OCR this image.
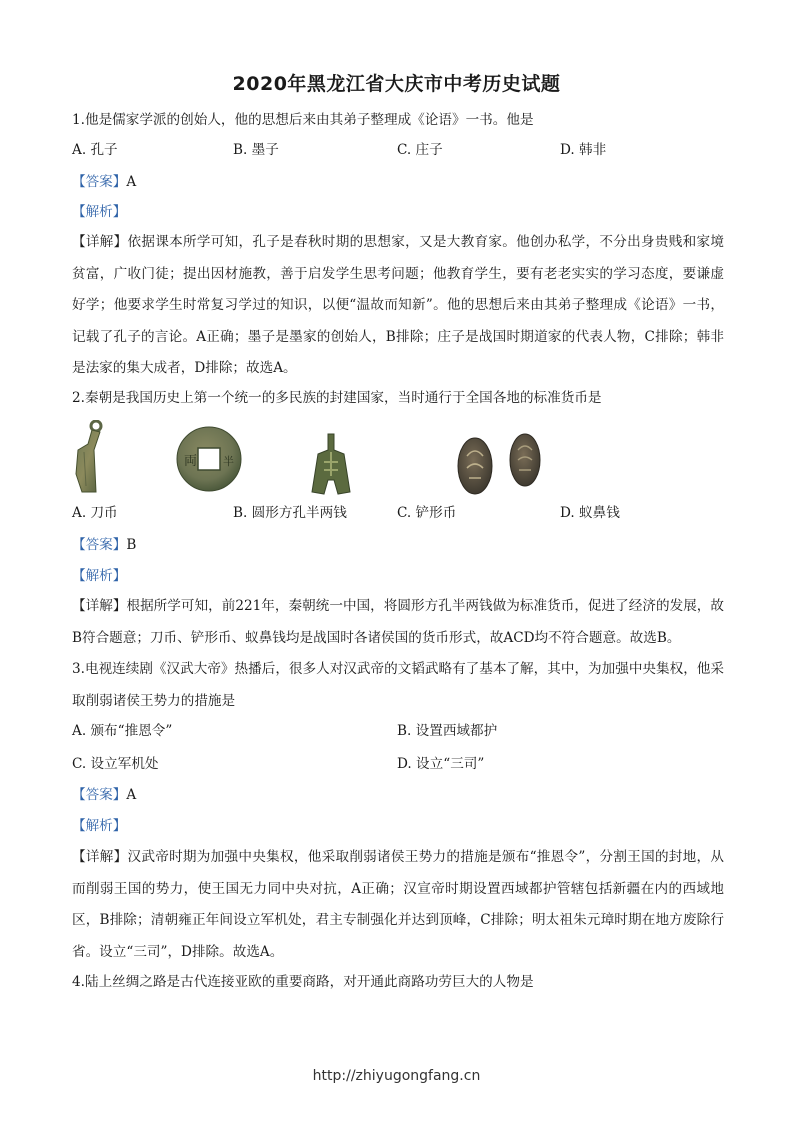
2020年黑龙江省大庆市中考历史试题
1.他是儒家学派的创始人，他的思想后来由其弟子整理成《论语》一书。他是
A. 孔子	B. 墨子	C. 庄子	D. 韩非
【答案】A
【解析】
【详解】依据课本所学可知，孔子是春秋时期的思想家，又是大教育家。他创办私学，不分出身贵贱和家境贫富，广收门徒；提出因材施教，善于启发学生思考问题；他教育学生，要有老老实实的学习态度，要谦虚好学；他要求学生时常复习学过的知识，以便“温故而知新”。他的思想后来由其弟子整理成《论语》一书，记载了孔子的言论。A正确；墨子是墨家的创始人，B排除；庄子是战国时期道家的代表人物，C排除；韩非是法家的集大成者，D排除；故选A。
2.秦朝是我国历史上第一个统一的多民族的封建国家，当时通行于全国各地的标准货币是
両 半
A. 刀币	B. 圆形方孔半两钱	C. 铲形币	D. 蚁鼻钱
【答案】B
【解析】
【详解】根据所学可知，前221年，秦朝统一中国，将圆形方孔半两钱做为标准货币，促进了经济的发展，故B符合题意；刀币、铲形币、蚁鼻钱均是战国时各诸侯国的货币形式，故ACD均不符合题意。故选B。
3.电视连续剧《汉武大帝》热播后，很多人对汉武帝的文韬武略有了基本了解，其中，为加强中央集权，他采取削弱诸侯王势力的措施是
A. 颁布“推恩令”	B. 设置西域都护
C. 设立军机处	D. 设立“三司”
【答案】A
【解析】
【详解】汉武帝时期为加强中央集权，他采取削弱诸侯王势力的措施是颁布“推恩令”，分割王国的封地，从而削弱王国的势力，使王国无力同中央对抗，A正确；汉宣帝时期设置西域都护管辖包括新疆在内的西域地区，B排除；清朝雍正年间设立军机处，君主专制强化并达到顶峰，C排除；明太祖朱元璋时期在地方废除行省。设立“三司”，D排除。故选A。
4.陆上丝绸之路是古代连接亚欧的重要商路，对开通此商路功劳巨大的人物是
http://zhiyugongfang.cn
